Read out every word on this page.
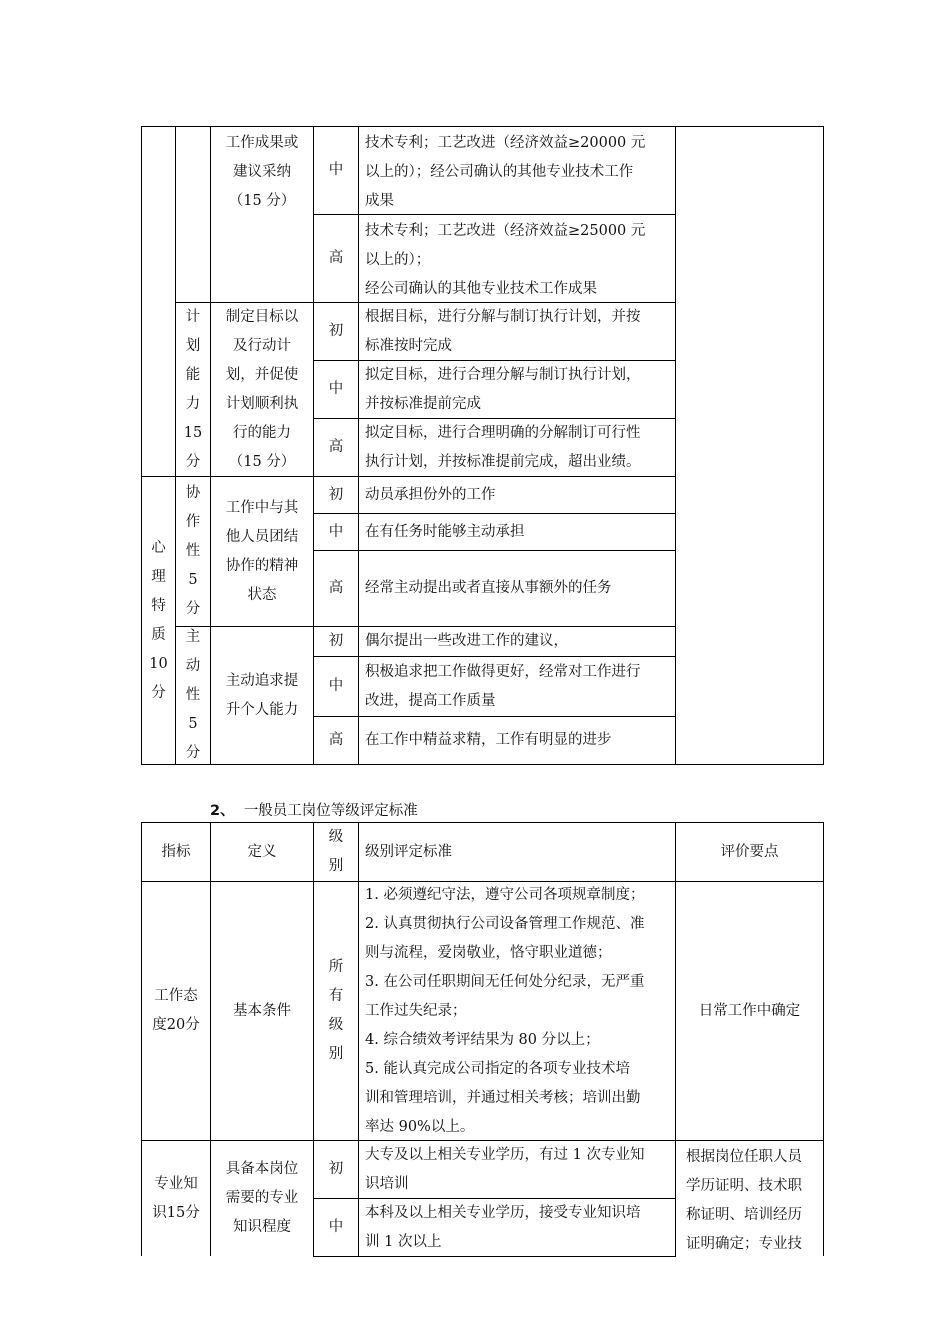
工作成果或
建议采纳
（15 分）
中
技术专利；工艺改进（经济效益≥20000 元
以上的）；经公司确认的其他专业技术工作
成果
高
技术专利；工艺改进（经济效益≥25000 元
以上的）；
经公司确认的其他专业技术工作成果
计
划
能
力
15
分
制定目标以
及行动计
划，并促使
计划顺利执
行的能力
（15 分）
初
中
高
根据目标，进行分解与制订执行计划，并按
标准按时完成
拟定目标，进行合理分解与制订执行计划，
并按标准提前完成
拟定目标，进行合理明确的分解制订可行性
执行计划，并按标准提前完成，超出业绩。
心
理
特
质
10
分
协
作
性
5
分
工作中与其
他人员团结
协作的精神
状态
初
中
高
动员承担份外的工作
在有任务时能够主动承担
经常主动提出或者直接从事额外的任务
主
动
性
5
分
主动追求提
升个人能力
初
中
高
偶尔提出一些改进工作的建议，
积极追求把工作做得更好，经常对工作进行
改进，提高工作质量
在工作中精益求精，工作有明显的进步
2、 一般员工岗位等级评定标准
指标	定义
级
别
级别评定标准	评价要点
工作态
度20分
基本条件
所
有
级
别
1. 必须遵纪守法，遵守公司各项规章制度；
2. 认真贯彻执行公司设备管理工作规范、准
则与流程，爱岗敬业，恪守职业道德；
3. 在公司任职期间无任何处分纪录，无严重
工作过失纪录；
4. 综合绩效考评结果为 80 分以上；
5. 能认真完成公司指定的各项专业技术培
训和管理培训，并通过相关考核；培训出勤
率达 90%以上。
日常工作中确定
专业知
识15分
具备本岗位
需要的专业
知识程度
初
中
大专及以上相关专业学历，有过 1 次专业知
识培训
本科及以上相关专业学历，接受专业知识培
训 1 次以上
根据岗位任职人员
学历证明、技术职
称证明、培训经历
证明确定；专业技
